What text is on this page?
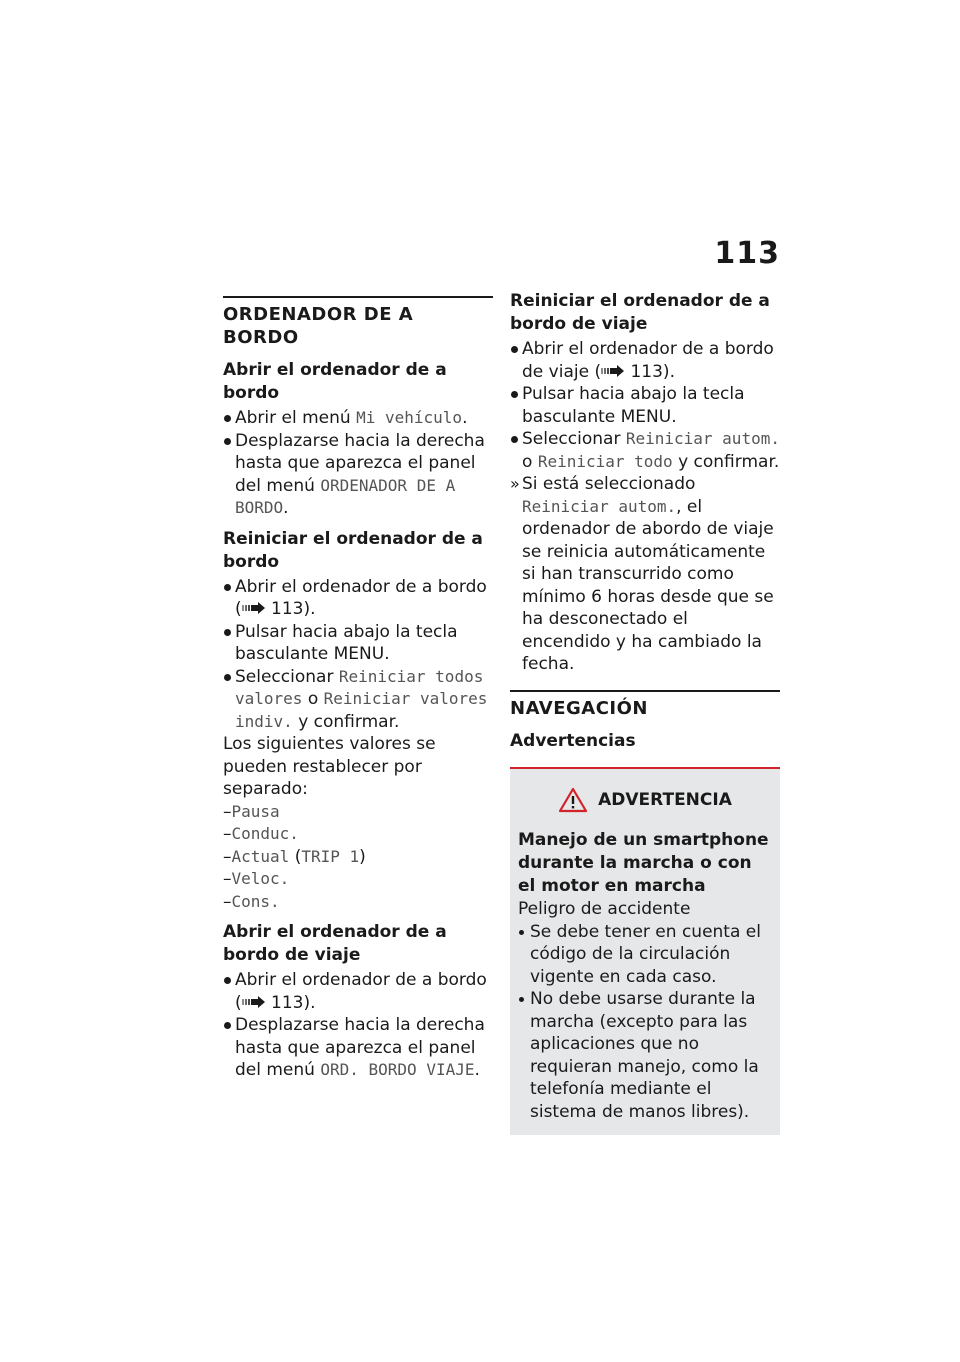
113
ORDENADOR DE A BORDO
Abrir el ordenador de a bordo
Abrir el menú Mi vehículo.
Desplazarse hacia la derecha hasta que aparezca el panel del menú ORDENADOR DE A BORDO.
Reiniciar el ordenador de a bordo
Abrir el ordenador de a bordo ( 113).
Pulsar hacia abajo la tecla basculante MENU.
Seleccionar Reiniciar todos valores o Reiniciar valores indiv. y confirmar.

Los siguientes valores se pueden restablecer por separado:

–Pausa
–Conduc.
–Actual (TRIP 1)
–Veloc.
–Cons.
Abrir el ordenador de a bordo de viaje
Abrir el ordenador de a bordo ( 113).
Desplazarse hacia la derecha hasta que aparezca el panel del menú ORD. BORDO VIAJE.
Reiniciar el ordenador de a bordo de viaje
Abrir el ordenador de a bordo de viaje ( 113).
Pulsar hacia abajo la tecla basculante MENU.
Seleccionar Reiniciar autom. o Reiniciar todo y confirmar.
» Si está seleccionado Reiniciar autom., el ordenador de abordo de viaje se reinicia automáticamente si han transcurrido como mínimo 6 horas desde que se ha desconectado el encendido y ha cambiado la fecha.
NAVEGACIÓN
Advertencias
ADVERTENCIA
Manejo de un smartphone durante la marcha o con el motor en marcha

Peligro de accidente

Se debe tener en cuenta el código de la circulación vigente en cada caso.
No debe usarse durante la marcha (excepto para las aplicaciones que no requieran manejo, como la telefonía mediante el sistema de manos libres).
